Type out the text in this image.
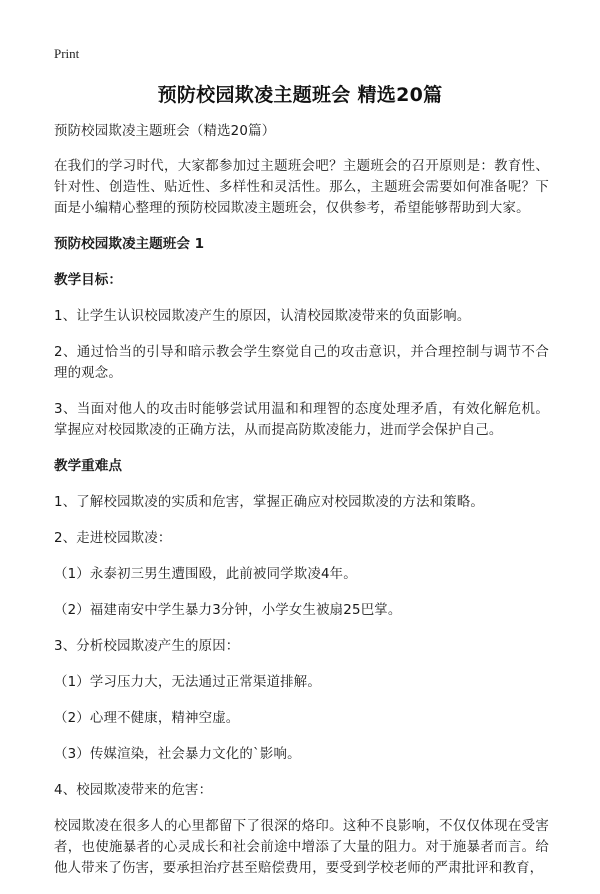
Print
预防校园欺凌主题班会 精选20篇
预防校园欺凌主题班会（精选20篇）
在我们的学习时代，大家都参加过主题班会吧？主题班会的召开原则是：教育性、针对性、创造性、贴近性、多样性和灵活性。那么，主题班会需要如何准备呢？下面是小编精心整理的预防校园欺凌主题班会，仅供参考，希望能够帮助到大家。
预防校园欺凌主题班会 1
教学目标：
1、让学生认识校园欺凌产生的原因，认清校园欺凌带来的负面影响。
2、通过恰当的引导和暗示教会学生察觉自己的攻击意识，并合理控制与调节不合理的观念。
3、当面对他人的攻击时能够尝试用温和和理智的态度处理矛盾，有效化解危机。掌握应对校园欺凌的正确方法，从而提高防欺凌能力，进而学会保护自己。
教学重难点
1、了解校园欺凌的实质和危害，掌握正确应对校园欺凌的方法和策略。
2、走进校园欺凌：
（1）永泰初三男生遭围殴，此前被同学欺凌4年。
（2）福建南安中学生暴力3分钟，小学女生被扇25巴掌。
3、分析校园欺凌产生的原因：
（1）学习压力大，无法通过正常渠道排解。
（2）心理不健康，精神空虚。
（3）传媒渲染，社会暴力文化的`影响。
4、校园欺凌带来的危害：
校园欺凌在很多人的心里都留下了很深的烙印。这种不良影响，不仅仅体现在受害者，也使施暴者的心灵成长和社会前途中增添了大量的阻力。对于施暴者而言。给他人带来了伤害，要承担治疗甚至赔偿费用，要受到学校老师的严肃批评和教育，
